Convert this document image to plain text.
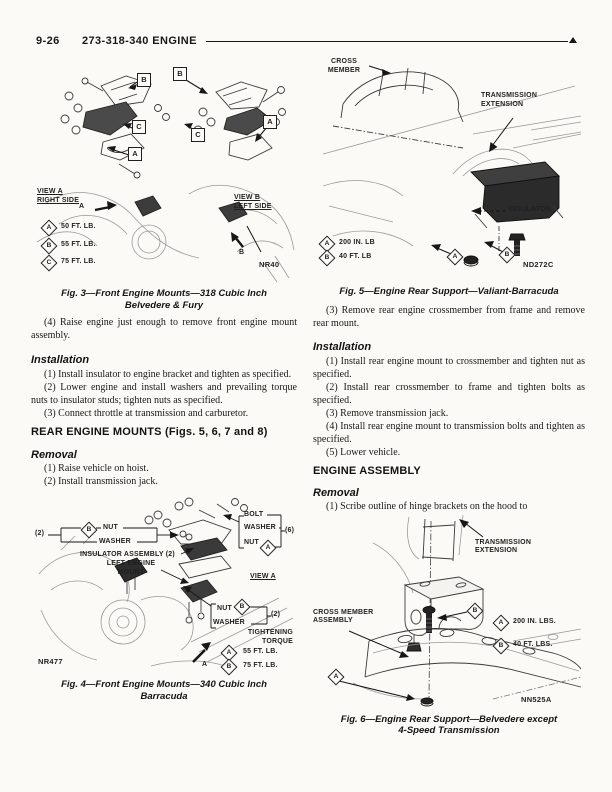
9-26 273-318-340 ENGINE
B
C
A
B
C
A
VIEW A
RIGHT SIDE
A
VIEW B
LEFT SIDE
B
A	50 FT. LB.
B	55 FT. LB.
C	75 FT. LB.	NR40
Fig. 3—Front Engine Mounts—318 Cubic Inch
Belvedere & Fury

(4) Raise engine just enough to remove front engine mount assembly.

Installation

(1) Install insulator to engine bracket and tighten as specified.

(2) Lower engine and install washers and prevailing torque nuts to insulator studs; tighten nuts as specified.

(3) Connect throttle at transmission and carburetor.

REAR ENGINE MOUNTS (Figs. 5, 6, 7 and 8)
Removal

(1) Raise vehicle on hoist.

(2) Install transmission jack.

(2)
B	NUT
WASHER
INSULATOR ASSEMBLY (2)
LEFT ENGINE
MOUNT
BOLT
WASHER
NUT
(6)
A
VIEW A
NUT	B
WASHER
(2)
TIGHTENING
TORQUE
A	55 FT. LB.
B	75 FT. LB.
A
NR477
Fig. 4—Front Engine Mounts—340 Cubic Inch
Barracuda
CROSS
MEMBER
TRANSMISSION
EXTENSION
INSULATOR
A	200 IN. LB
B	40 FT. LB	A	B
ND272C
Fig. 5—Engine Rear Support—Valiant-Barracuda

(3) Remove rear engine crossmember from frame and remove rear mount.

Installation

(1) Install rear engine mount to crossmember and tighten nut as specified.

(2) Install rear crossmember to frame and tighten bolts as specified.

(3) Remove transmission jack.

(4) Install rear engine mount to transmission bolts and tighten as specified.

(5) Lower vehicle.

ENGINE ASSEMBLY
Removal

(1) Scribe outline of hinge brackets on the hood to

TRANSMISSION
EXTENSION
CROSS MEMBER
ASSEMBLY
B
A
A	200 IN. LBS.
B	40 FT. LBS.
NN525A
Fig. 6—Engine Rear Support—Belvedere except
4-Speed Transmission
